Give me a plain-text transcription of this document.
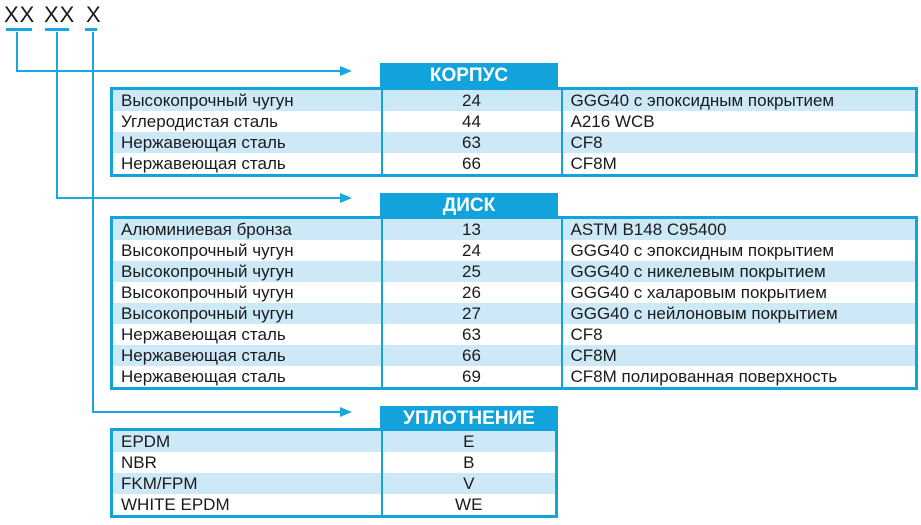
XX XX X
КОРПУС
Высокопрочный чугун	24	GGG40 с эпоксидным покрытием
Углеродистая сталь	44	A216 WCB
Нержавеющая сталь	63	CF8
Нержавеющая сталь	66	CF8M
ДИСК
Алюминиевая бронза	13	ASTM B148 C95400
Высокопрочный чугун	24	GGG40 с эпоксидным покрытием
Высокопрочный чугун	25	GGG40 с никелевым покрытием
Высокопрочный чугун	26	GGG40 с халаровым покрытием
Высокопрочный чугун	27	GGG40 с нейлоновым покрытием
Нержавеющая сталь	63	CF8
Нержавеющая сталь	66	CF8M
Нержавеющая сталь	69	CF8M полированная поверхность
УПЛОТНЕНИЕ
EPDM	E
NBR	B
FKM/FPM	V
WHITE EPDM	WE
